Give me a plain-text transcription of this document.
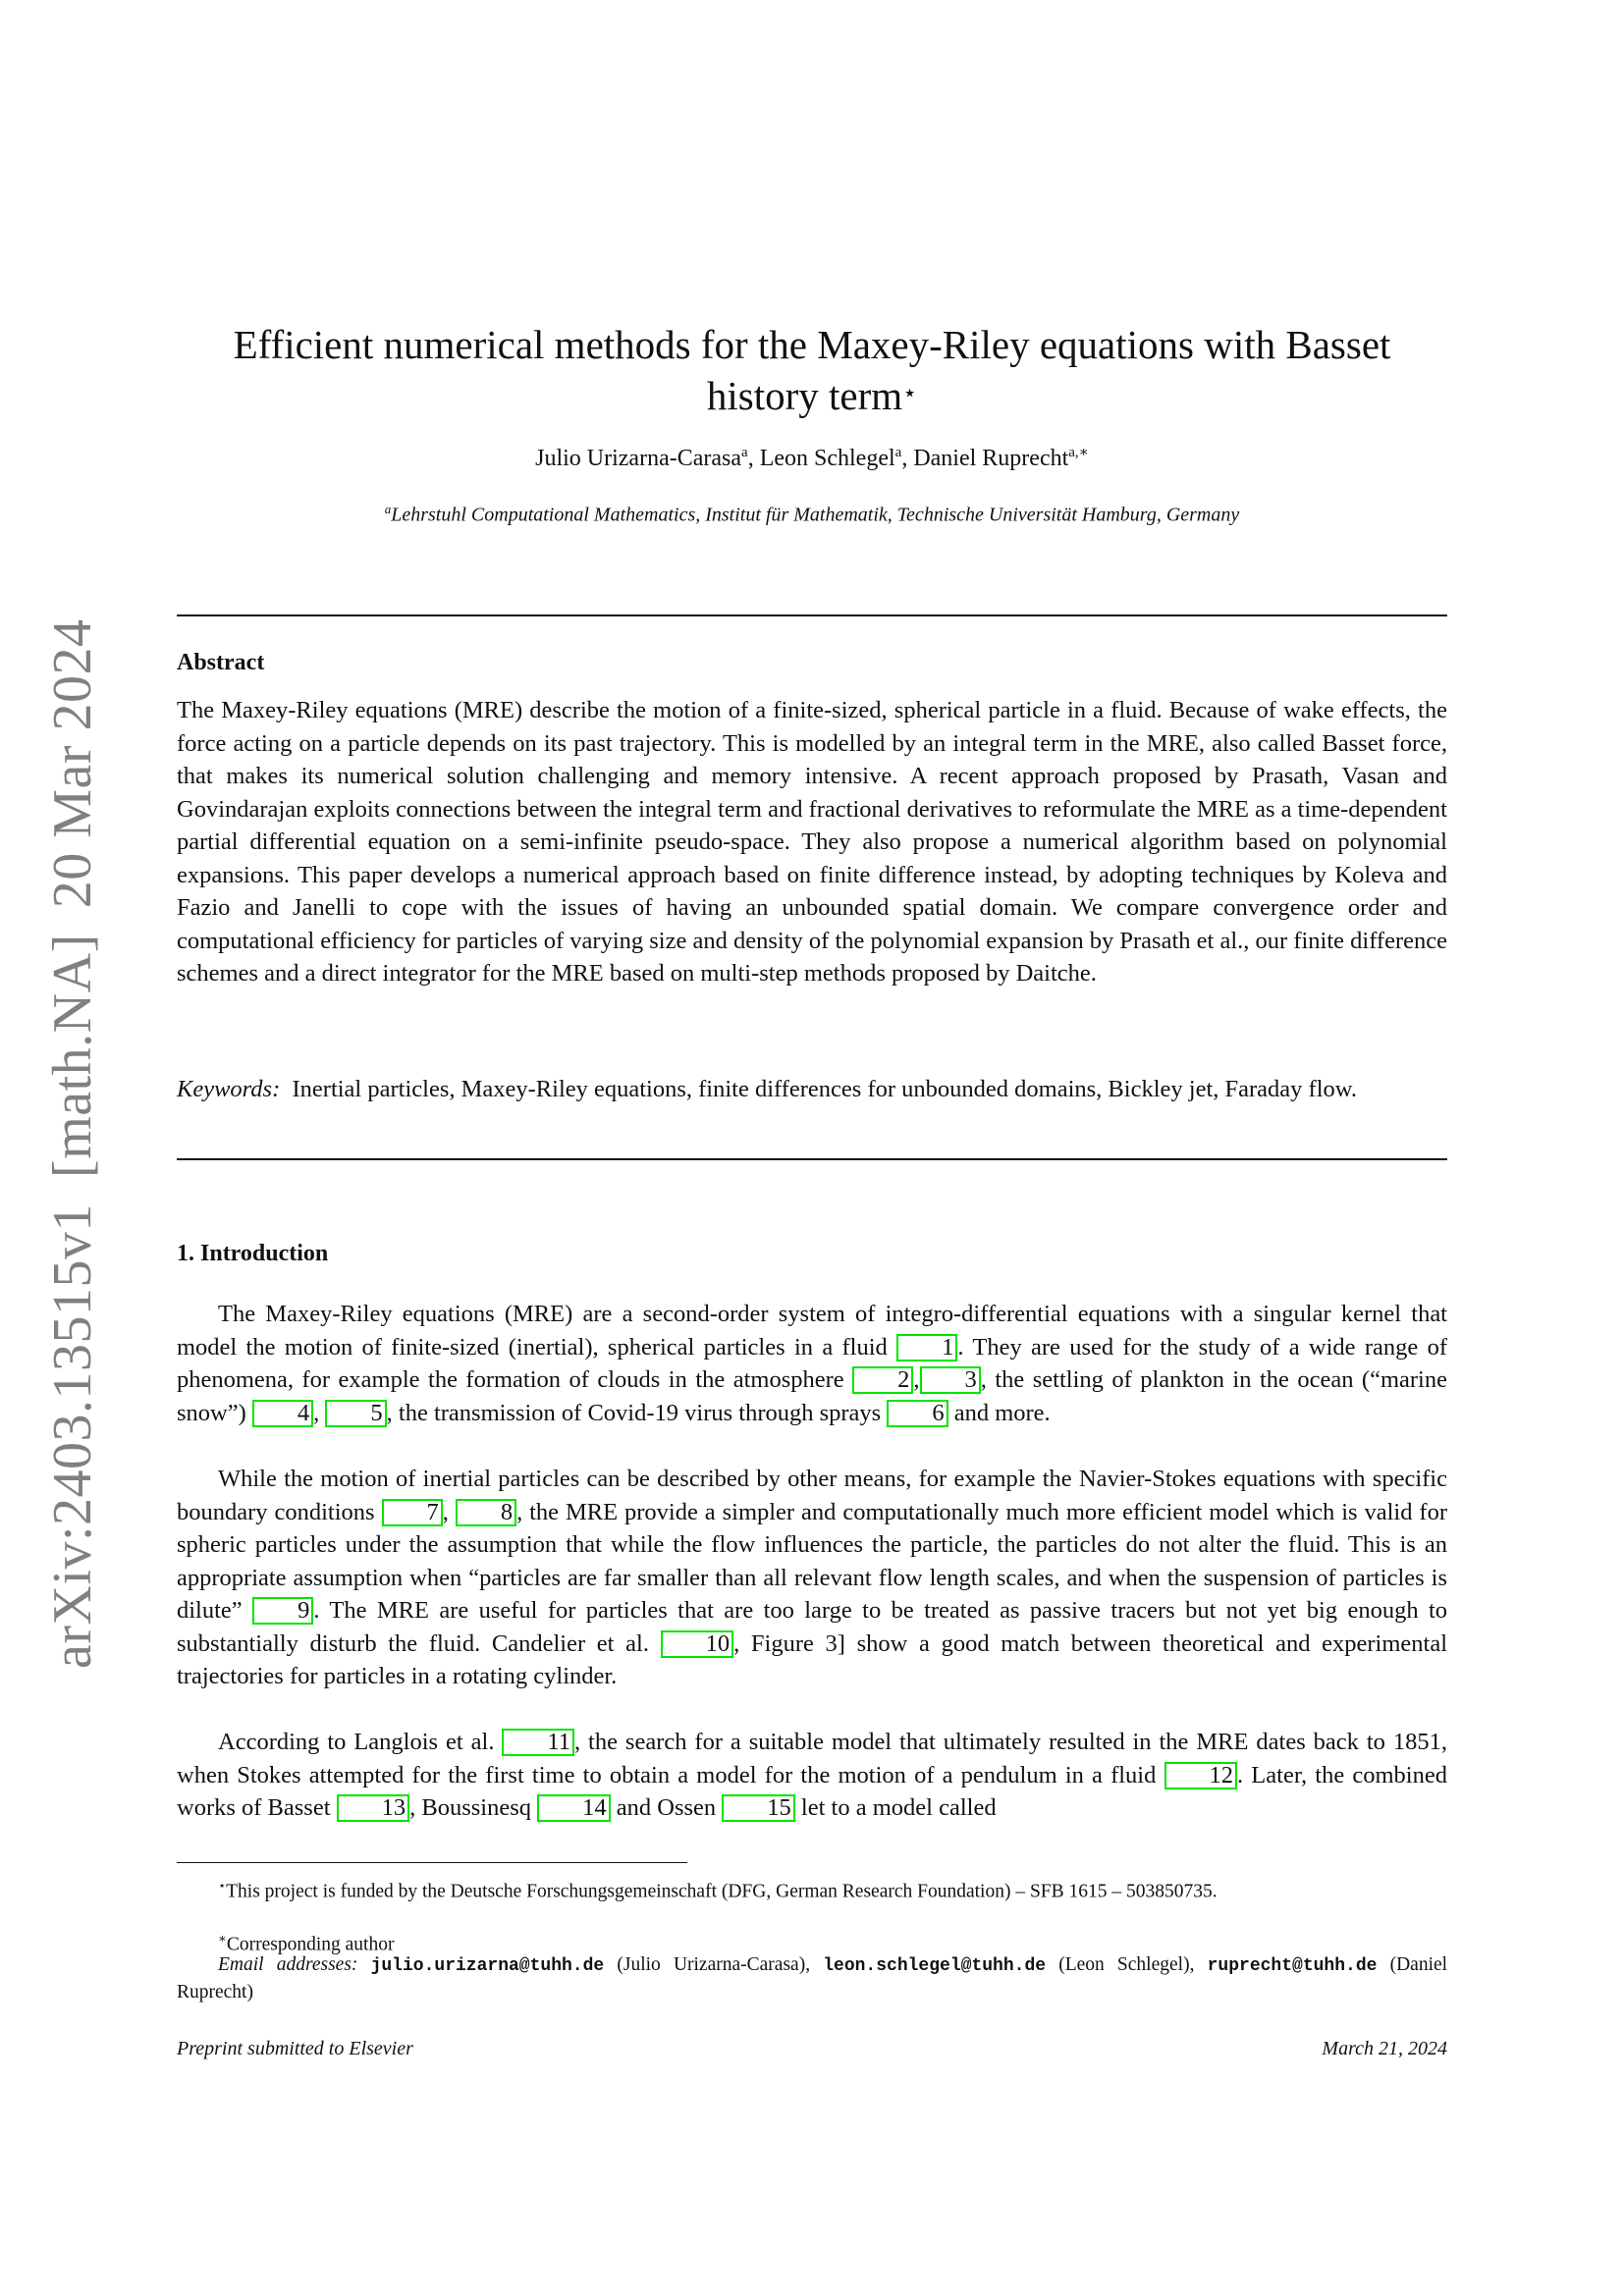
arXiv:2403.13515v1[math.NA]20 Mar 2024
Efficient numerical methods for the Maxey-Riley equations with Basset history term⋆
Julio Urizarna-Carasa$^a$, Leon Schlegel$^a$, Daniel Ruprecht$^{a,∗}$
$^a$Lehrstuhl Computational Mathematics, Institut für Mathematik, Technische Universität Hamburg, Germany
Abstract

The Maxey-Riley equations (MRE) describe the motion of a finite-sized, spherical particle in a fluid. Because of wake effects, the force acting on a particle depends on its past trajectory. This is modelled by an integral term in the MRE, also called Basset force, that makes its numerical solution challenging and memory intensive. A recent approach proposed by Prasath, Vasan and Govindarajan exploits connections between the integral term and fractional derivatives to reformulate the MRE as a time-dependent partial differential equation on a semi-infinite pseudo-space. They also propose a numerical algorithm based on polynomial expansions. This paper develops a numerical approach based on finite difference instead, by adopting techniques by Koleva and Fazio and Janelli to cope with the issues of having an unbounded spatial domain. We compare convergence order and computational efficiency for particles of varying size and density of the polynomial expansion by Prasath et al., our finite difference schemes and a direct integrator for the MRE based on multi-step methods proposed by Daitche.

Keywords: Inertial particles, Maxey-Riley equations, finite differences for unbounded domains, Bickley jet, Faraday flow.

1. Introduction

The Maxey-Riley equations (MRE) are a second-order system of integro-differential equations with a singular kernel that model the motion of finite-sized (inertial), spherical particles in a fluid 1 . They are used for the study of a wide range of phenomena, for example the formation of clouds in the atmosphere 2 , 3 , the settling of plankton in the ocean (“marine snow”) 4 , 5 , the transmission of Covid-19 virus through sprays 6 and more.

While the motion of inertial particles can be described by other means, for example the Navier-Stokes equations with specific boundary conditions 7 , 8 , the MRE provide a simpler and computationally much more efficient model which is valid for spheric particles under the assumption that while the flow influences the particle, the particles do not alter the fluid. This is an appropriate assumption when “particles are far smaller than all relevant flow length scales, and when the suspension of particles is dilute” 9 . The MRE are useful for particles that are too large to be treated as passive tracers but not yet big enough to substantially disturb the fluid. Candelier et al. 10 , Figure 3] show a good match between theoretical and experimental trajectories for particles in a rotating cylinder.

According to Langlois et al. 11 , the search for a suitable model that ultimately resulted in the MRE dates back to 1851, when Stokes attempted for the first time to obtain a model for the motion of a pendulum in a fluid 12 . Later, the combined works of Basset 13 , Boussinesq 14 and Ossen 15 let to a model called

⋆This project is funded by the Deutsche Forschungsgemeinschaft (DFG, German Research Foundation) – SFB 1615 – 503850735.

∗Corresponding author

Email addresses: julio.urizarna@tuhh.de (Julio Urizarna-Carasa), leon.schlegel@tuhh.de (Leon Schlegel), ruprecht@tuhh.de (Daniel Ruprecht)

Preprint submitted to Elsevier	March 21, 2024
